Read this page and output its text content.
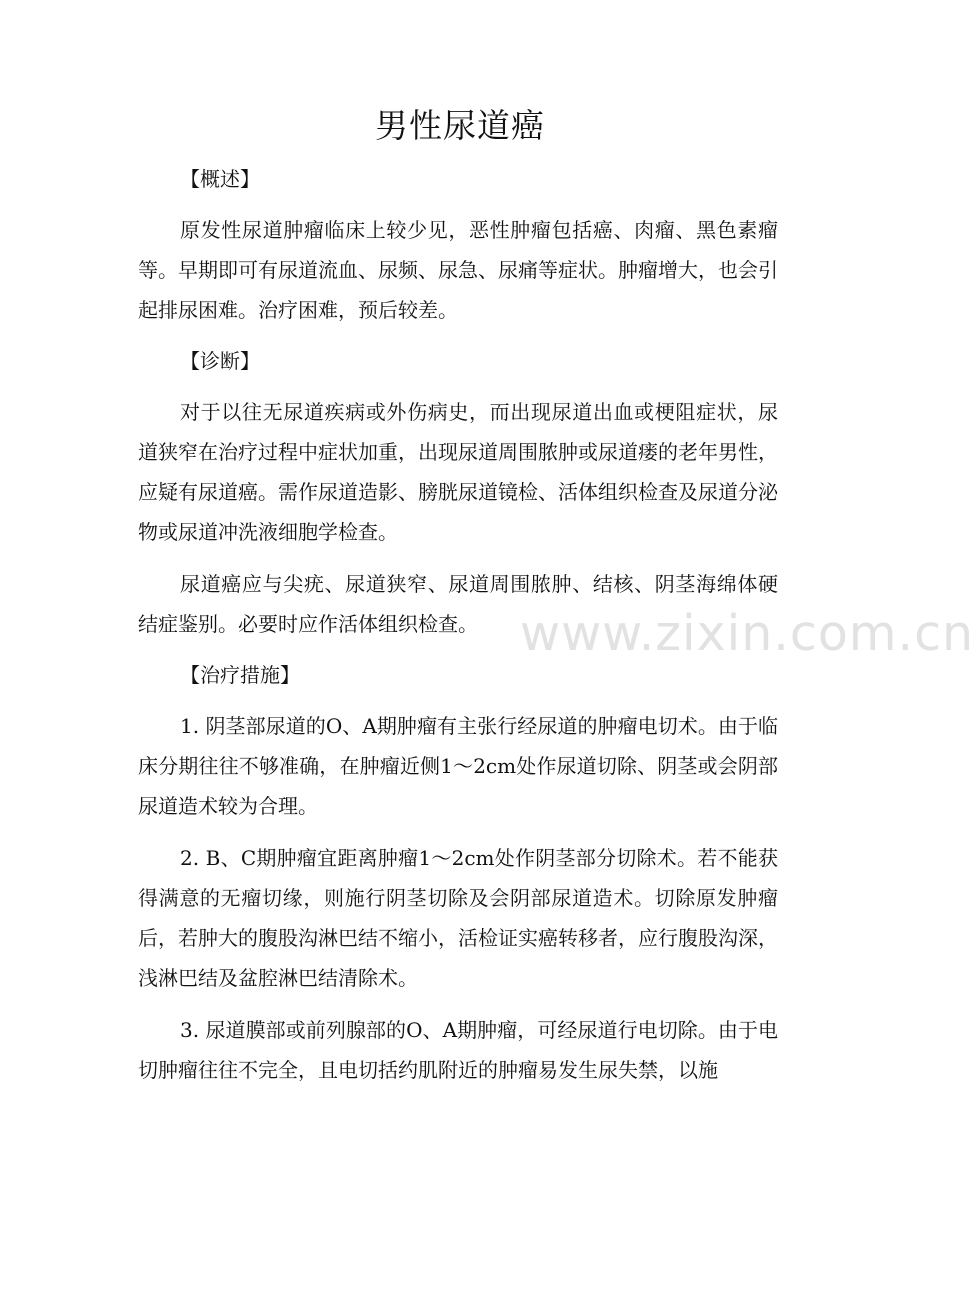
www.zixin.com.cn
男性尿道癌
【概述】

原发性尿道肿瘤临床上较少见，恶性肿瘤包括癌、肉瘤、黑色素瘤等。早期即可有尿道流血、尿频、尿急、尿痛等症状。肿瘤增大，也会引起排尿困难。治疗困难，预后较差。

【诊断】

对于以往无尿道疾病或外伤病史，而出现尿道出血或梗阻症状，尿道狭窄在治疗过程中症状加重，出现尿道周围脓肿或尿道瘘的老年男性，应疑有尿道癌。需作尿道造影、膀胱尿道镜检、活体组织检查及尿道分泌物或尿道冲洗液细胞学检查。

尿道癌应与尖疣、尿道狭窄、尿道周围脓肿、结核、阴茎海绵体硬结症鉴别。必要时应作活体组织检查。

【治疗措施】

1. 阴茎部尿道的O、A期肿瘤有主张行经尿道的肿瘤电切术。由于临床分期往往不够准确，在肿瘤近侧1～2cm处作尿道切除、阴茎或会阴部尿道造术较为合理。

2. B、C期肿瘤宜距离肿瘤1～2cm处作阴茎部分切除术。若不能获得满意的无瘤切缘，则施行阴茎切除及会阴部尿道造术。切除原发肿瘤后，若肿大的腹股沟淋巴结不缩小，活检证实癌转移者，应行腹股沟深，浅淋巴结及盆腔淋巴结清除术。

3. 尿道膜部或前列腺部的O、A期肿瘤，可经尿道行电切除。由于电切肿瘤往往不完全，且电切括约肌附近的肿瘤易发生尿失禁，以施
